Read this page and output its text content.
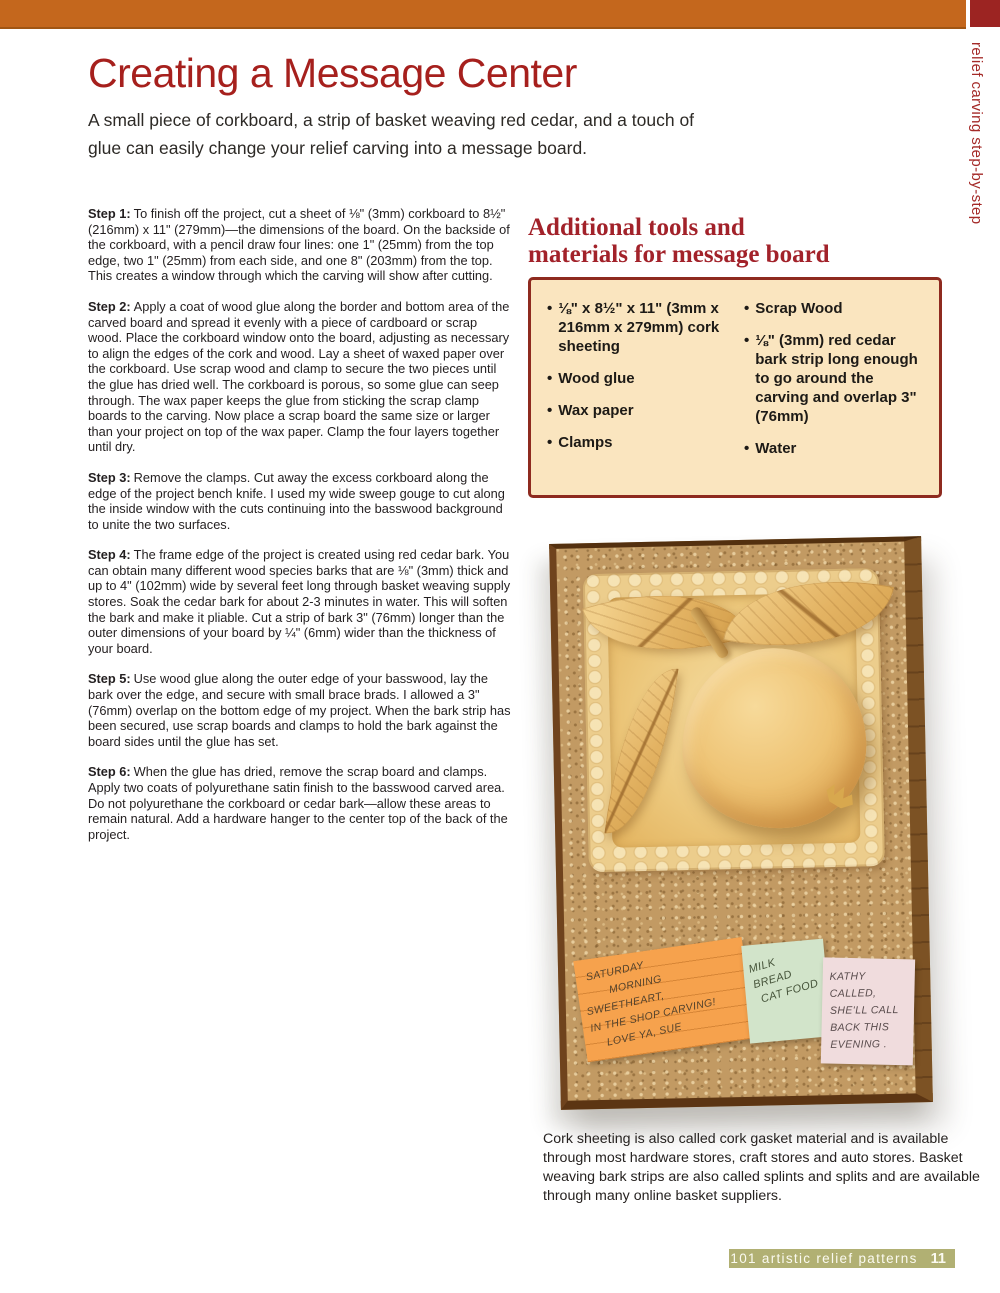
relief carving step-by-step
Creating a Message Center

A small piece of corkboard, a strip of basket weaving red cedar, and a touch of glue can easily change your relief carving into a message board.

Step 1: To finish off the project, cut a sheet of ⅛" (3mm) corkboard to 8½" (216mm) x 11" (279mm)—the dimensions of the board. On the backside of the corkboard, with a pencil draw four lines: one 1" (25mm) from the top edge, two 1" (25mm) from each side, and one 8" (203mm) from the top. This creates a window through which the carving will show after cutting.

Step 2: Apply a coat of wood glue along the border and bottom area of the carved board and spread it evenly with a piece of cardboard or scrap wood. Place the corkboard window onto the board, adjusting as necessary to align the edges of the cork and wood. Lay a sheet of waxed paper over the corkboard. Use scrap wood and clamp to secure the two pieces until the glue has dried well. The corkboard is porous, so some glue can seep through. The wax paper keeps the glue from sticking the scrap clamp boards to the carving. Now place a scrap board the same size or larger than your project on top of the wax paper. Clamp the four layers together until dry.

Step 3: Remove the clamps. Cut away the excess corkboard along the edge of the project bench knife. I used my wide sweep gouge to cut along the inside window with the cuts continuing into the basswood background to unite the two surfaces.

Step 4: The frame edge of the project is created using red cedar bark. You can obtain many different wood species barks that are ⅛" (3mm) thick and up to 4" (102mm) wide by several feet long through basket weaving supply stores. Soak the cedar bark for about 2-3 minutes in water. This will soften the bark and make it pliable. Cut a strip of bark 3" (76mm) longer than the outer dimensions of your board by ¼" (6mm) wider than the thickness of your board.

Step 5: Use wood glue along the outer edge of your basswood, lay the bark over the edge, and secure with small brace brads. I allowed a 3" (76mm) overlap on the bottom edge of my project. When the bark strip has been secured, use scrap boards and clamps to hold the bark against the board sides until the glue has set.

Step 6: When the glue has dried, remove the scrap board and clamps. Apply two coats of polyurethane satin finish to the basswood carved area. Do not polyurethane the corkboard or cedar bark—allow these areas to remain natural. Add a hardware hanger to the center top of the back of the project.

Additional tools and
materials for message board
•
⅛" x 8½" x 11" (3mm x 216mm x 279mm) cork sheeting
•
Wood glue
•
Wax paper
•
Clamps
•
Scrap Wood
•
⅛" (3mm) red cedar bark strip long enough to go around the carving and overlap 3" (76mm)
•
Water
SATURDAY
MORNING
SWEETHEART,
IN THE SHOP CARVING!
LOVE YA, SUE
MILK
BREAD
CAT FOOD
KATHY CALLED,
SHE'LL CALL
BACK THIS
EVENING .

Cork sheeting is also called cork gasket material and is available through most hardware stores, craft stores and auto stores. Basket weaving bark strips are also called splints and splits and are available through many online basket suppliers.

101 artistic relief patterns 11
